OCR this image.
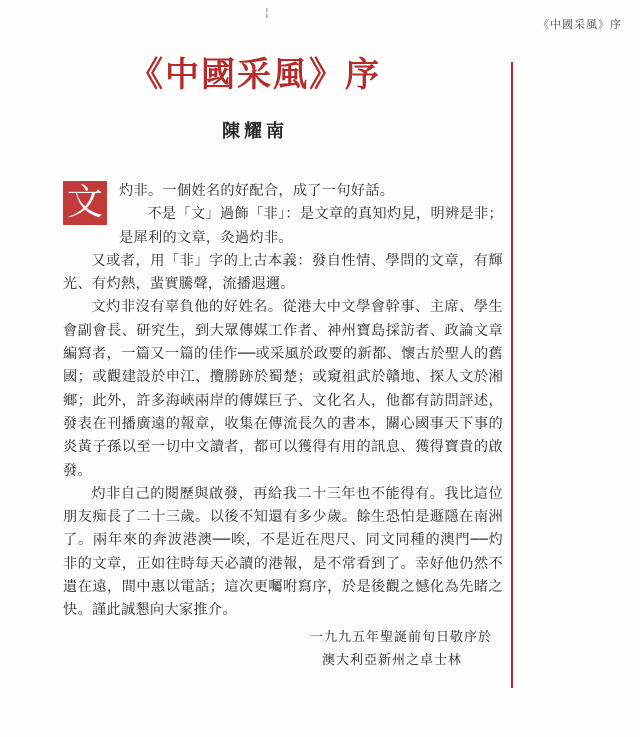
¦
《中國采風》序
《中國采風》序
陳耀南
文	灼非。一個姓名的好配合，成了一句好話。

不是「文」過飾「非」：是文章的真知灼見，明辨是非；是犀利的文章，灸過灼非。

又或者，用「非」字的上古本義：發自性情、學問的文章，有輝光、有灼熱，蜚實騰聲，流播遐邇。

文灼非沒有辜負他的好姓名。從港大中文學會幹事、主席、學生會副會長、研究生，到大眾傳媒工作者、神州寶島採訪者、政論文章編寫者，一篇又一篇的佳作──或采風於政要的新都、懷古於聖人的舊國；或觀建設於申江、攬勝跡於蜀楚；或窺祖武於贛地、探人文於湘鄉；此外，許多海峽兩岸的傳媒巨子、文化名人，他都有訪問評述，發表在刊播廣遠的報章，收集在傳流長久的書本，關心國事天下事的炎黃子孫以至一切中文讀者，都可以獲得有用的訊息、獲得寶貴的啟發。

灼非自己的閱歷與啟發，再給我二十三年也不能得有。我比這位朋友痴長了二十三歲。以後不知還有多少歲。餘生恐怕是遯隱在南洲了。兩年來的奔波港澳──唉，不是近在咫尺、同文同種的澳門──灼非的文章，正如往時每天必讀的港報，是不常看到了。幸好他仍然不遺在遠，間中惠以電話；這次更囑咐寫序，於是後觀之憾化為先睹之快。謹此誠懇向大家推介。

一九九五年聖誕前旬日敬序於
澳大利亞新州之卓士林
